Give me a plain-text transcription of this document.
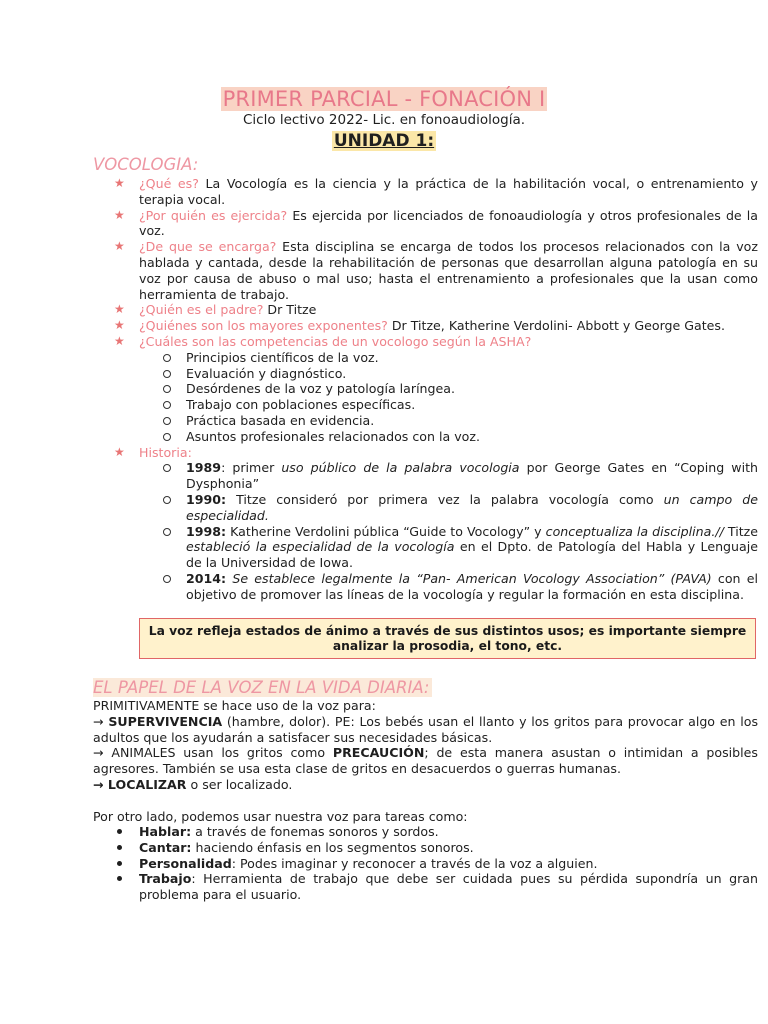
PRIMER PARCIAL - FONACIÓN I
Ciclo lectivo 2022- Lic. en fonoaudiología.
UNIDAD 1:
VOCOLOGIA:
★ ¿Qué es? La Vocología es la ciencia y la práctica de la habilitación vocal, o entrenamiento y terapia vocal.
★ ¿Por quién es ejercida? Es ejercida por licenciados de fonoaudiología y otros profesionales de la voz.
★ ¿De que se encarga? Esta disciplina se encarga de todos los procesos relacionados con la voz hablada y cantada, desde la rehabilitación de personas que desarrollan alguna patología en su voz por causa de abuso o mal uso; hasta el entrenamiento a profesionales que la usan como herramienta de trabajo.
★ ¿Quién es el padre? Dr Titze
★ ¿Quiénes son los mayores exponentes? Dr Titze, Katherine Verdolini- Abbott y George Gates.
★ ¿Cuáles son las competencias de un vocologo según la ASHA?
Principios científicos de la voz.
Evaluación y diagnóstico.
Desórdenes de la voz y patología laríngea.
Trabajo con poblaciones específicas.
Práctica basada en evidencia.
Asuntos profesionales relacionados con la voz.
★ Historia:
1989: primer uso público de la palabra vocologia por George Gates en “Coping with Dysphonia”
1990: Titze consideró por primera vez la palabra vocología como un campo de especialidad.
1998: Katherine Verdolini pública “Guide to Vocology” y conceptualiza la disciplina.// Titze estableció la especialidad de la vocología en el Dpto. de Patología del Habla y Lenguaje de la Universidad de Iowa.
2014: Se establece legalmente la “Pan- American Vocology Association” (PAVA) con el objetivo de promover las líneas de la vocología y regular la formación en esta disciplina.
La voz refleja estados de ánimo a través de sus distintos usos; es importante siempre analizar la prosodia, el tono, etc.
EL PAPEL DE LA VOZ EN LA VIDA DIARIA:
PRIMITIVAMENTE se hace uso de la voz para:
→ SUPERVIVENCIA (hambre, dolor). PE: Los bebés usan el llanto y los gritos para provocar algo en los adultos que los ayudarán a satisfacer sus necesidades básicas.
→ ANIMALES usan los gritos como PRECAUCIÓN; de esta manera asustan o intimidan a posibles agresores. También se usa esta clase de gritos en desacuerdos o guerras humanas.
→ LOCALIZAR o ser localizado.
Por otro lado, podemos usar nuestra voz para tareas como:
Hablar: a través de fonemas sonoros y sordos.
Cantar: haciendo énfasis en los segmentos sonoros.
Personalidad: Podes imaginar y reconocer a través de la voz a alguien.
Trabajo: Herramienta de trabajo que debe ser cuidada pues su pérdida supondría un gran problema para el usuario.
